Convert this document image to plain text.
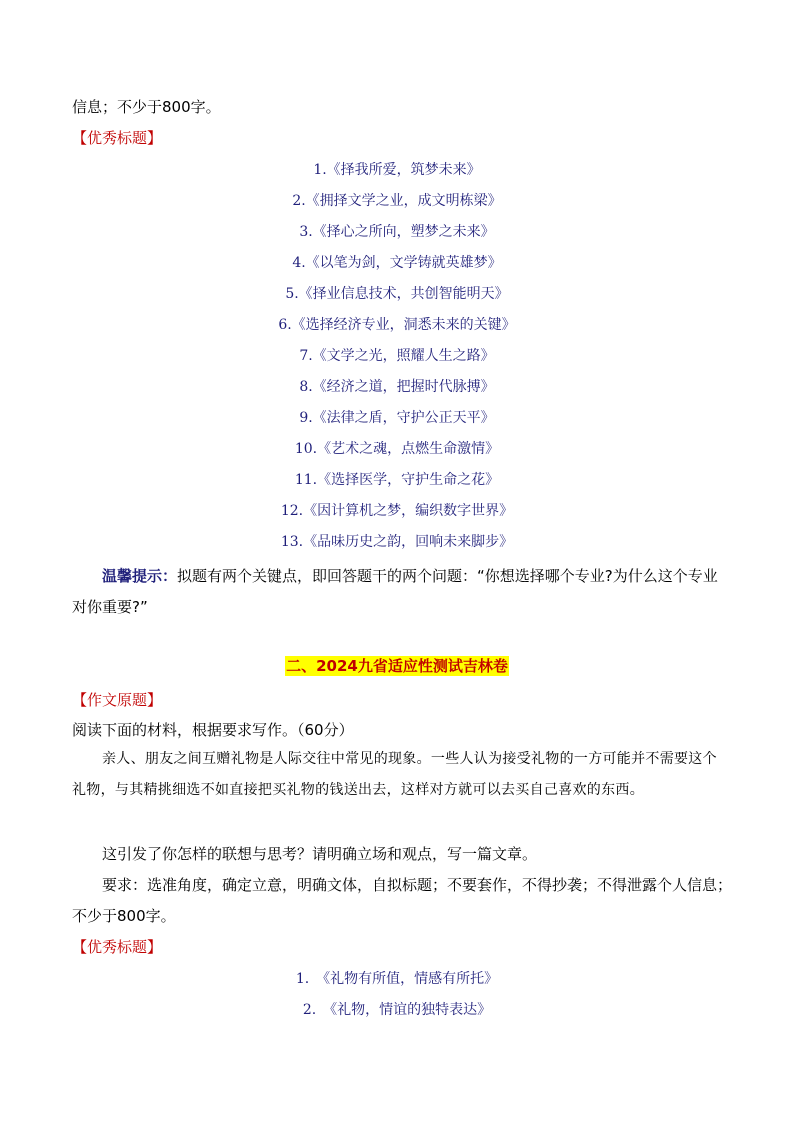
信息；不少于800字。
【优秀标题】
1.《择我所爱，筑梦未来》
2.《拥择文学之业，成文明栋梁》
3.《择心之所向，塑梦之未来》
4.《以笔为剑，文学铸就英雄梦》
5.《择业信息技术，共创智能明天》
6.《选择经济专业，洞悉未来的关键》
7.《文学之光，照耀人生之路》
8.《经济之道，把握时代脉搏》
9.《法律之盾，守护公正天平》
10.《艺术之魂，点燃生命激情》
11.《选择医学，守护生命之花》
12.《因计算机之梦，编织数字世界》
13.《品味历史之韵，回响未来脚步》
温馨提示：拟题有两个关键点，即回答题干的两个问题：“你想选择哪个专业?为什么这个专业对你重要?”
二、2024九省适应性测试吉林卷
【作文原题】
阅读下面的材料，根据要求写作。（60分）
亲人、朋友之间互赠礼物是人际交往中常见的现象。一些人认为接受礼物的一方可能并不需要这个礼物，与其精挑细选不如直接把买礼物的钱送出去，这样对方就可以去买自己喜欢的东西。
这引发了你怎样的联想与思考？请明确立场和观点，写一篇文章。
要求：选准角度，确定立意，明确文体，自拟标题；不要套作，不得抄袭；不得泄露个人信息；不少于800字。
【优秀标题】
1.　《礼物有所值，情感有所托》
2.　《礼物，情谊的独特表达》
